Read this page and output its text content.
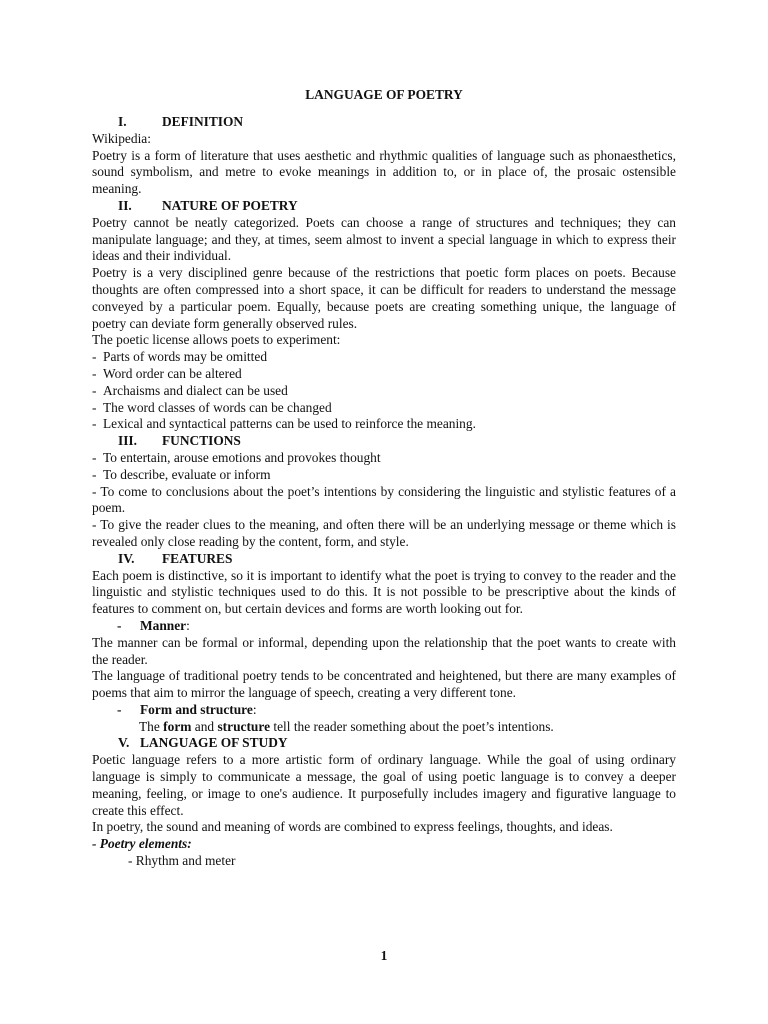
LANGUAGE OF POETRY
I.	DEFINITION

Wikipedia:

Poetry is a form of literature that uses aesthetic and rhythmic qualities of language such as phonaesthetics, sound symbolism, and metre to evoke meanings in addition to, or in place of, the prosaic ostensible meaning.

II. NATURE OF POETRY

Poetry cannot be neatly categorized. Poets can choose a range of structures and techniques; they can manipulate language; and they, at times, seem almost to invent a special language in which to express their ideas and their individual.

Poetry is a very disciplined genre because of the restrictions that poetic form places on poets. Because thoughts are often compressed into a short space, it can be difficult for readers to understand the message conveyed by a particular poem. Equally, because poets are creating something unique, the language of poetry can deviate form generally observed rules.

The poetic license allows poets to experiment:

- Parts of words may be omitted
- Word order can be altered
- Archaisms and dialect can be used
- The word classes of words can be changed
- Lexical and syntactical patterns can be used to reinforce the meaning.
III. FUNCTIONS
- To entertain, arouse emotions and provokes thought
- To describe, evaluate or inform

- To come to conclusions about the poet’s intentions by considering the linguistic and stylistic features of a poem.

- To give the reader clues to the meaning, and often there will be an underlying message or theme which is revealed only close reading by the content, form, and style.

IV. FEATURES

Each poem is distinctive, so it is important to identify what the poet is trying to convey to the reader and the linguistic and stylistic techniques used to do this. It is not possible to be prescriptive about the kinds of features to comment on, but certain devices and forms are worth looking out for.

- Manner:

The manner can be formal or informal, depending upon the relationship that the poet wants to create with the reader.

The language of traditional poetry tends to be concentrated and heightened, but there are many examples of poems that aim to mirror the language of speech, creating a very different tone.

- Form and structure:

The form and structure tell the reader something about the poet’s intentions.

V. LANGUAGE OF STUDY

Poetic language refers to a more artistic form of ordinary language. While the goal of using ordinary language is simply to communicate a message, the goal of using poetic language is to convey a deeper meaning, feeling, or image to one's audience. It purposefully includes imagery and figurative language to create this effect.

In poetry, the sound and meaning of words are combined to express feelings, thoughts, and ideas.

- Poetry elements:

- Rhythm and meter

1
